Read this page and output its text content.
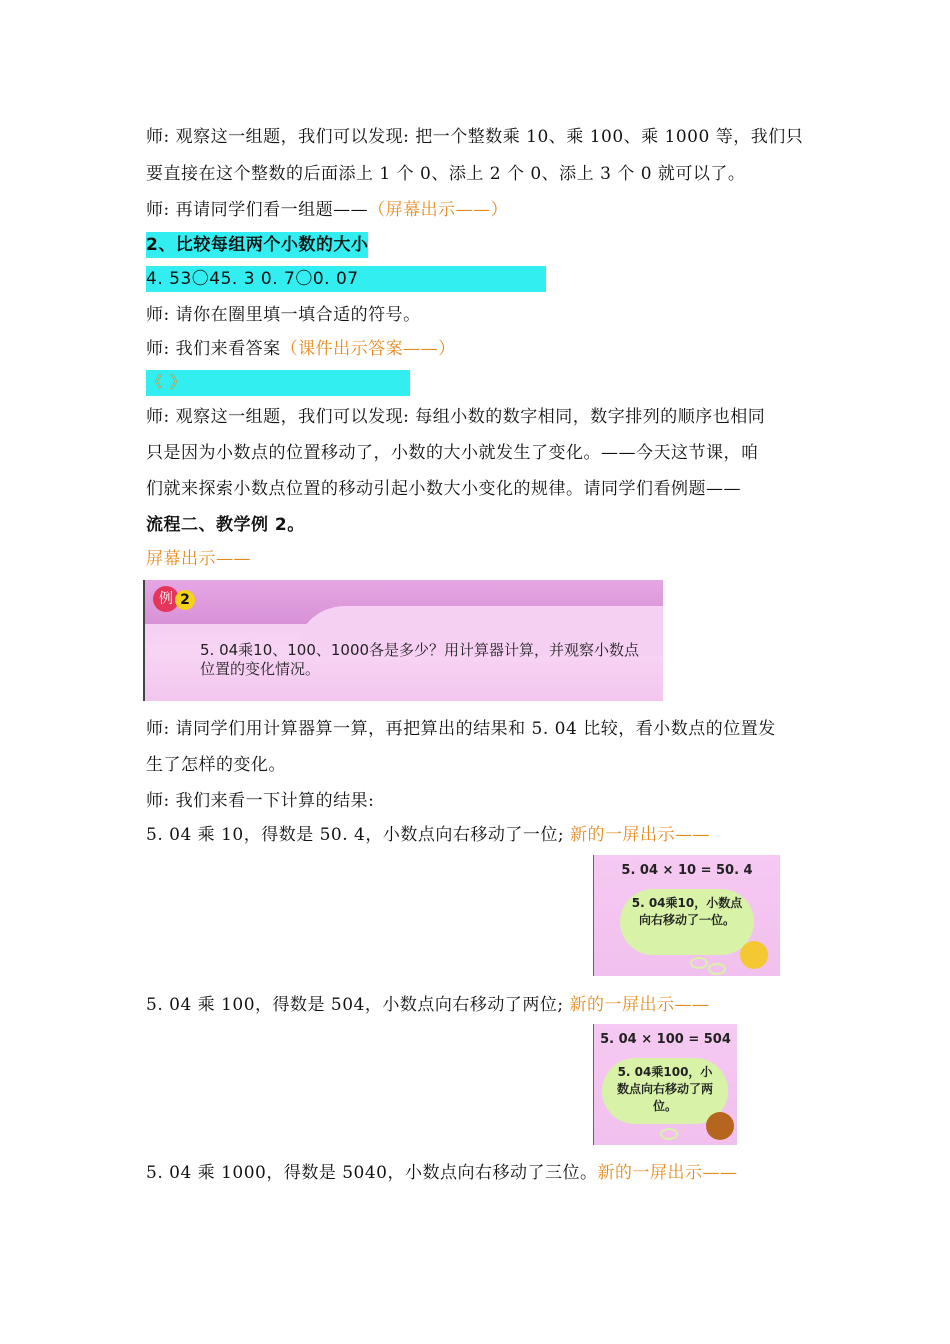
师: 观察这一组题，我们可以发现: 把一个整数乘 10、乘 100、乘 1000 等，我们只
要直接在这个整数的后面添上 1 个 0、添上 2 个 0、添上 3 个 0 就可以了。
师: 再请同学们看一组题——（屏幕出示——）
2、比较每组两个小数的大小
4. 53〇45. 3 0. 7〇0. 07
师: 请你在圈里填一填合适的符号。
师: 我们来看答案（课件出示答案——）
《 》
师: 观察这一组题，我们可以发现: 每组小数的数字相同，数字排列的顺序也相同
只是因为小数点的位置移动了，小数的大小就发生了变化。——今天这节课，咱
们就来探索小数点位置的移动引起小数大小变化的规律。请同学们看例题——
流程二、教学例 2。
屏幕出示——
例 2
5. 04乘10、100、1000各是多少？用计算器计算，并观察小数点位置的变化情况。
师: 请同学们用计算器算一算，再把算出的结果和 5. 04 比较，看小数点的位置发
生了怎样的变化。
师: 我们来看一下计算的结果:
5. 04 乘 10，得数是 50. 4，小数点向右移动了一位; 新的一屏出示——
5. 04 × 10 = 50. 4
5. 04乘10，小数点向右移动了一位。
5. 04 乘 100，得数是 504，小数点向右移动了两位; 新的一屏出示——
5. 04 × 100 = 504
5. 04乘100，小数点向右移动了两位。
5. 04 乘 1000，得数是 5040，小数点向右移动了三位。新的一屏出示——
